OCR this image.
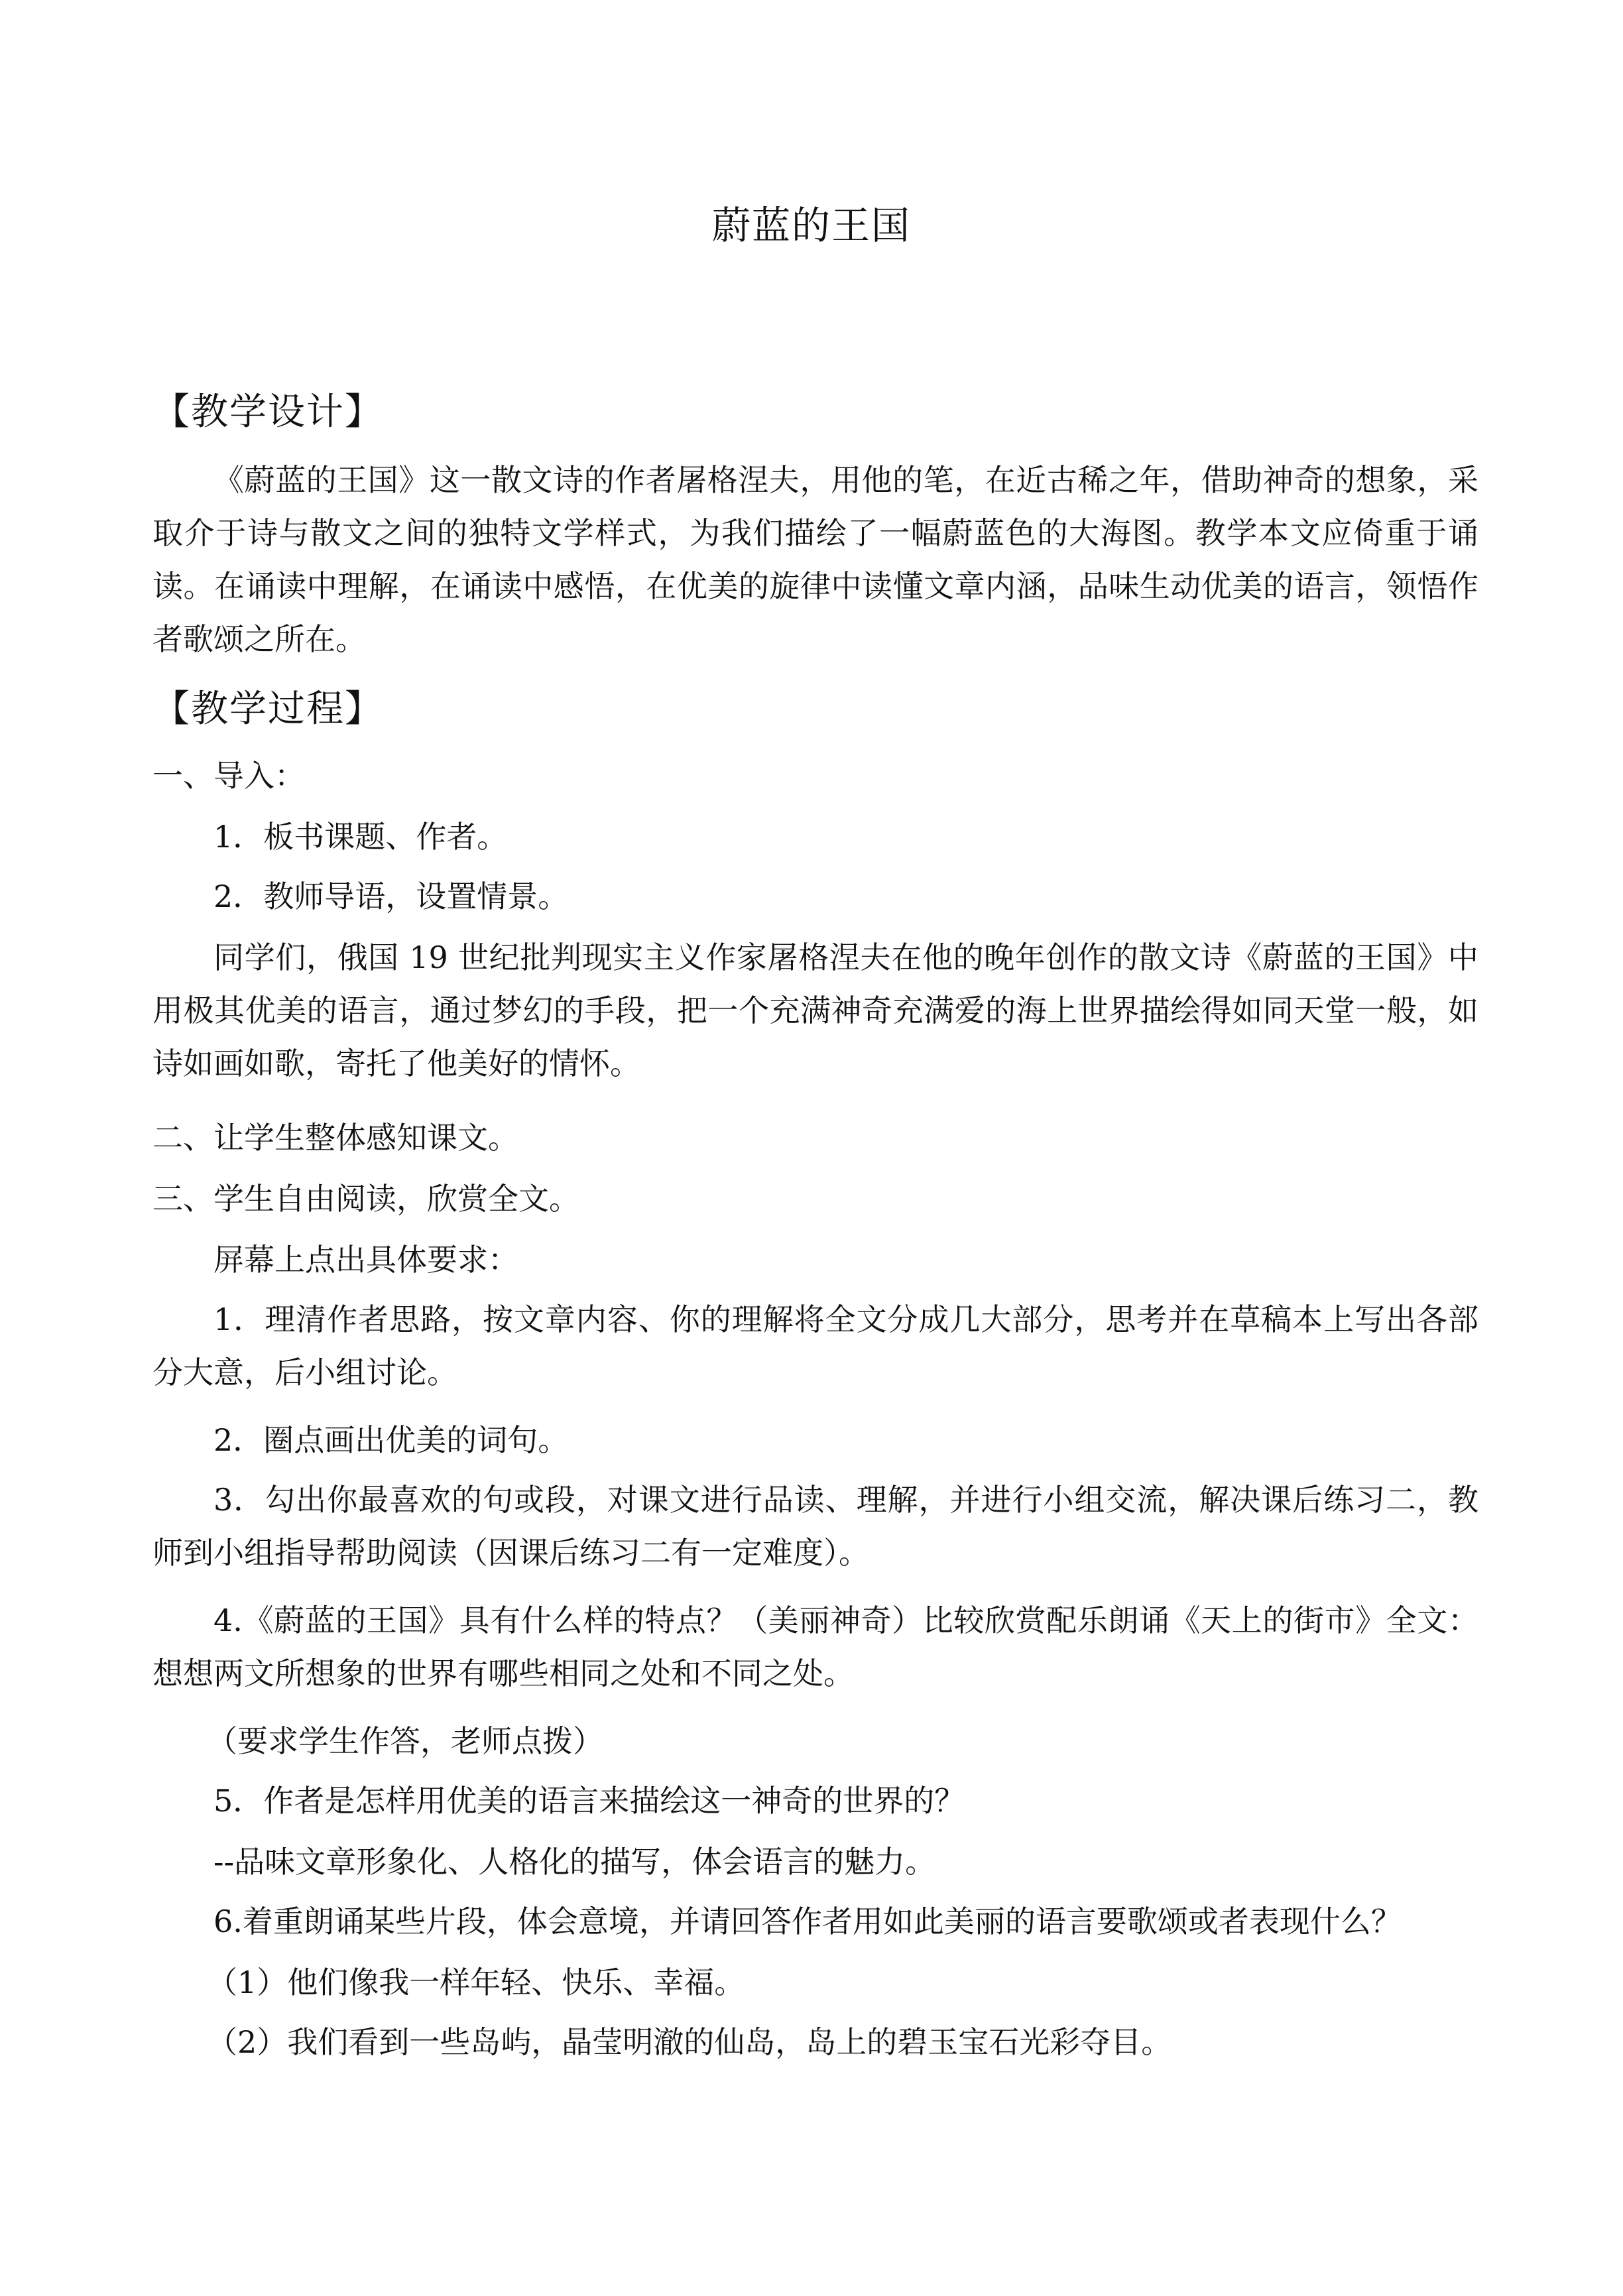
蔚蓝的王国
【教学设计】
《蔚蓝的王国》这一散文诗的作者屠格涅夫，用他的笔，在近古稀之年，借助神奇的想象，采取介于诗与散文之间的独特文学样式，为我们描绘了一幅蔚蓝色的大海图。教学本文应倚重于诵读。在诵读中理解，在诵读中感悟，在优美的旋律中读懂文章内涵，品味生动优美的语言，领悟作者歌颂之所在。
【教学过程】
一、导入：
1．板书课题、作者。
2．教师导语，设置情景。
同学们，俄国 19 世纪批判现实主义作家屠格涅夫在他的晚年创作的散文诗《蔚蓝的王国》中用极其优美的语言，通过梦幻的手段，把一个充满神奇充满爱的海上世界描绘得如同天堂一般，如诗如画如歌，寄托了他美好的情怀。
二、让学生整体感知课文。
三、学生自由阅读，欣赏全文。
屏幕上点出具体要求：
1．理清作者思路，按文章内容、你的理解将全文分成几大部分，思考并在草稿本上写出各部分大意，后小组讨论。
2．圈点画出优美的词句。
3．勾出你最喜欢的句或段，对课文进行品读、理解，并进行小组交流，解决课后练习二，教师到小组指导帮助阅读（因课后练习二有一定难度）。
4.《蔚蓝的王国》具有什么样的特点？（美丽神奇）比较欣赏配乐朗诵《天上的街市》全文：想想两文所想象的世界有哪些相同之处和不同之处。
（要求学生作答，老师点拨）
5．作者是怎样用优美的语言来描绘这一神奇的世界的？
--品味文章形象化、人格化的描写，体会语言的魅力。
6.着重朗诵某些片段，体会意境，并请回答作者用如此美丽的语言要歌颂或者表现什么？
（1）他们像我一样年轻、快乐、幸福。
（2）我们看到一些岛屿，晶莹明澈的仙岛，岛上的碧玉宝石光彩夺目。
